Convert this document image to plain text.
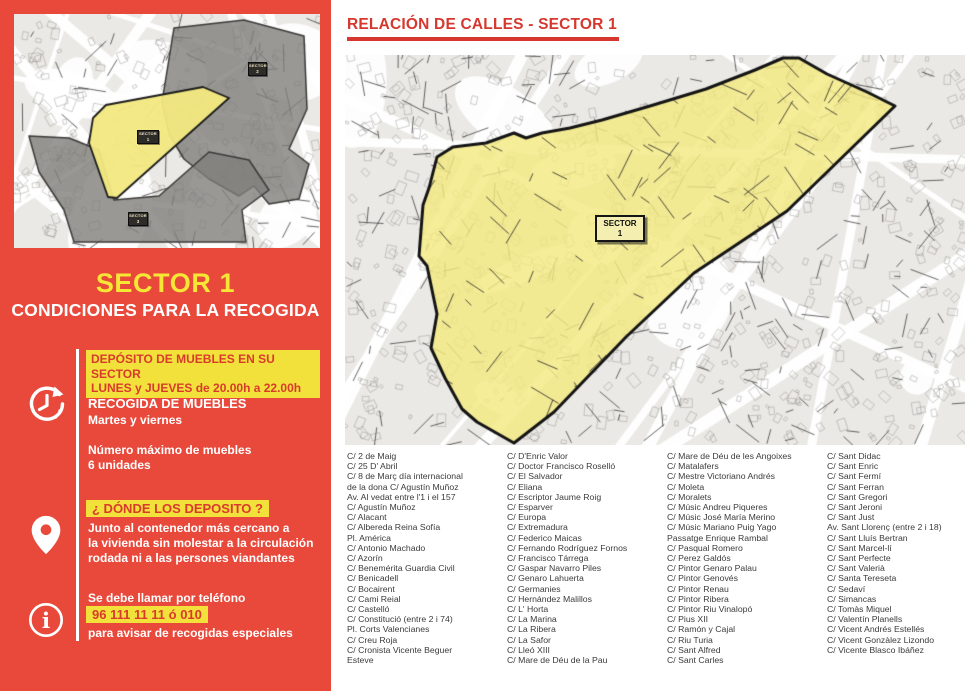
SECTOR
2
SECTOR
1
SECTOR
3
SECTOR 1
CONDICIONES PARA LA RECOGIDA
DEPÓSITO DE MUEBLES EN SU SECTOR
LUNES y JUEVES de 20.00h a 22.00h
RECOGIDA DE MUEBLES
Martes y viernes
Número máximo de muebles
6 unidades
¿ DÓNDE LOS DEPOSITO ?
Junto al contenedor más cercano a
la vivienda sin molestar a la circulación
rodada ni a las persones viandantes
i
Se debe llamar por teléfono
96 111 11 11 ó 010
para avisar de recogidas especiales
RELACIÓN DE CALLES - SECTOR 1
SECTOR
1
C/ 2 de Maig
C/ 25 D' Abril
C/ 8 de Març día internacional
de la dona C/ Agustín Muñoz
Av. Al vedat entre l'1 i el 157
C/ Agustín Muñoz
C/ Alacant
C/ Albereda Reina Sofía
Pl. América
C/ Antonio Machado
C/ Azorín
C/ Benemérita Guardia Civil
C/ Benicadell
C/ Bocairent
C/ Cami Reial
C/ Castelló
C/ Constitució (entre 2 i 74)
Pl. Corts Valencianes
C/ Creu Roja
C/ Cronista Vicente Beguer
Esteve
C/ D'Enric Valor
C/ Doctor Francisco Roselló
C/ El Salvador
C/ Eliana
C/ Escriptor Jaume Roig
C/ Esparver
C/ Europa
C/ Extremadura
C/ Federico Maicas
C/ Fernando Rodríguez Fornos
C/ Francisco Tárrega
C/ Gaspar Navarro Piles
C/ Genaro Lahuerta
C/ Germanies
C/ Hernández Malillos
C/ L' Horta
C/ La Marina
C/ La Ribera
C/ La Safor
C/ Lleó XIII
C/ Mare de Déu de la Pau
C/ Mare de Déu de les Angoixes
C/ Matalafers
C/ Mestre Victoriano Andrés
C/ Moleta
C/ Moralets
C/ Músic Andreu Piqueres
C/ Músic José María Merino
C/ Músic Mariano Puig Yago
Passatge Enrique Rambal
C/ Pasqual Romero
C/ Perez Galdós
C/ Pintor Genaro Palau
C/ Pintor Genovés
C/ Pintor Renau
C/ Pintor Ribera
C/ Pintor Riu Vinalopó
C/ Pius XII
C/ Ramón y Cajal
C/ Riu Turia
C/ Sant Alfred
C/ Sant Carles
C/ Sant Didac
C/ Sant Enric
C/ Sant Fermí
C/ Sant Ferran
C/ Sant Gregori
C/ Sant Jeroni
C/ Sant Just
Av. Sant Llorenç (entre 2 i 18)
C/ Sant Lluís Bertran
C/ Sant Marcel-lí
C/ Sant Perfecte
C/ Sant Valerià
C/ Santa Tereseta
C/ Sedaví
C/ Simancas
C/ Tomàs Miquel
C/ Valentín Planells
C/ Vicent Andrés Estellés
C/ Vicent Gonzàlez Lizondo
C/ Vicente Blasco Ibáñez
